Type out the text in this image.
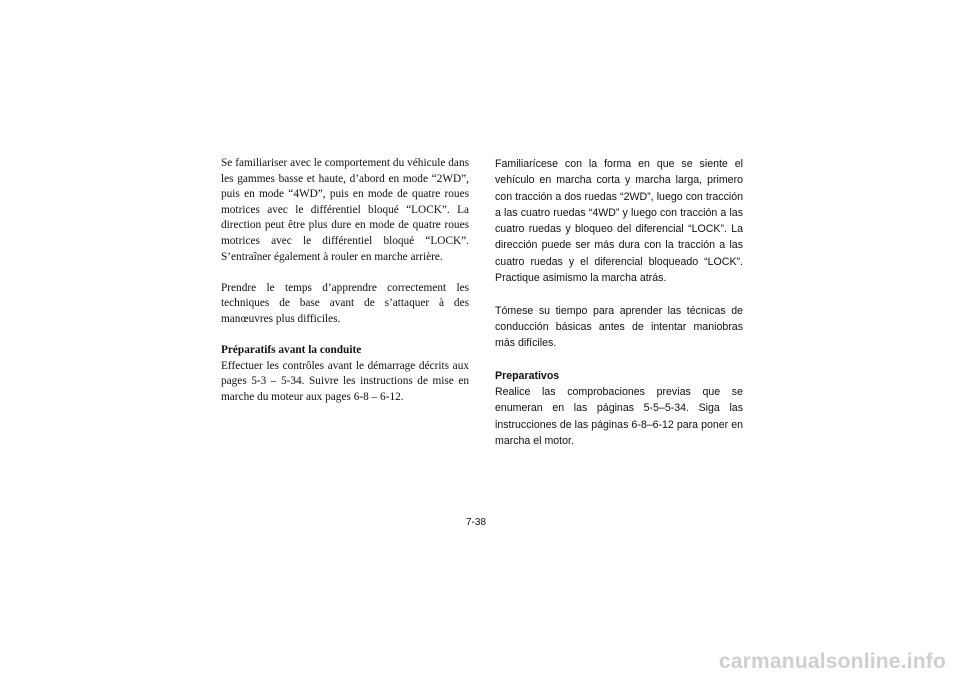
Se familiariser avec le comportement du véhicule dans les gammes basse et haute, d’abord en mode “2WD”, puis en mode “4WD”, puis en mode de quatre roues motrices avec le différentiel bloqué “LOCK”. La direction peut être plus dure en mode de quatre roues motrices avec le différentiel bloqué “LOCK”. S’entraîner également à rouler en marche arrière.

Prendre le temps d’apprendre correctement les techniques de base avant de s’attaquer à des manœuvres plus difficiles.

Préparatifs avant la conduite
Effectuer les contrôles avant le démarrage décrits aux pages 5-3 – 5-34. Suivre les instructions de mise en marche du moteur aux pages 6-8 – 6-12.

Familiarícese con la forma en que se siente el vehículo en marcha corta y marcha larga, primero con tracción a dos ruedas “2WD”, luego con tracción a las cuatro ruedas “4WD” y luego con tracción a las cuatro ruedas y bloqueo del diferencial “LOCK”. La dirección puede ser más dura con la tracción a las cuatro ruedas y el diferencial bloqueado “LOCK”. Practique asimismo la marcha atrás.

Tómese su tiempo para aprender las técnicas de conducción básicas antes de intentar maniobras más difíciles.

Preparativos
Realice las comprobaciones previas que se enumeran en las páginas 5-5–5-34. Siga las instrucciones de las páginas 6-8–6-12 para poner en marcha el motor.

7-38
carmanualsonline.info
